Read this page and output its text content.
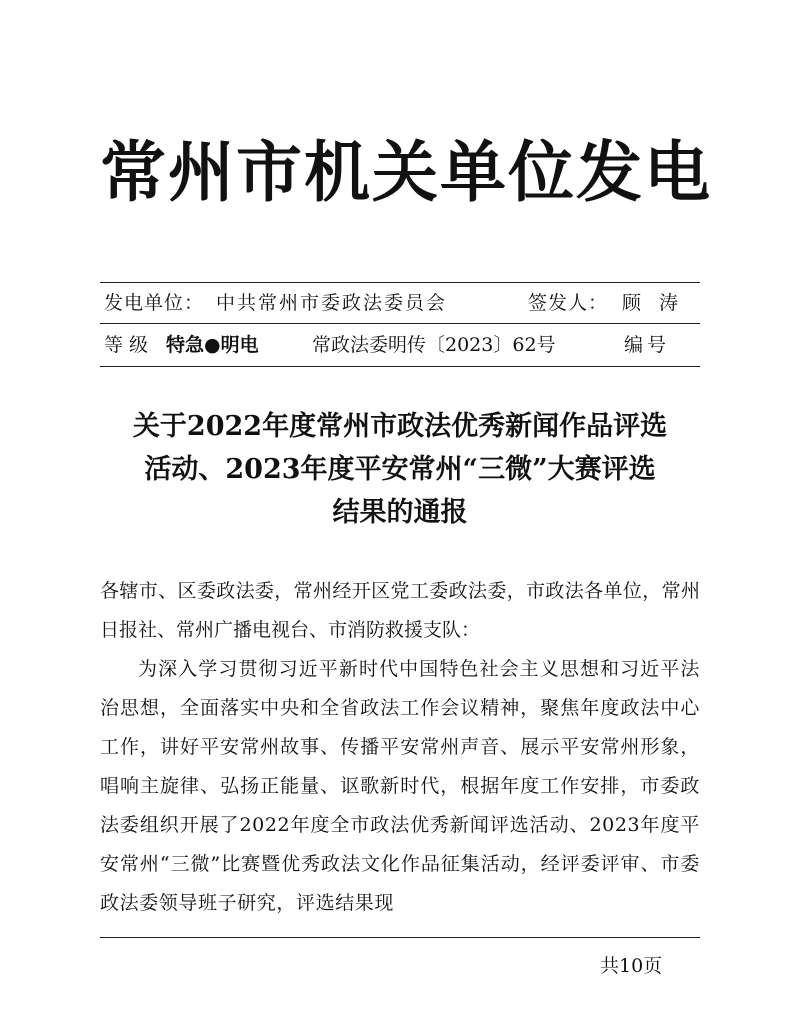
常州市机关单位发电
发电单位： 中共常州市委政法委员会	签发人： 顾 涛
等级 特急●明电	常政法委明传〔2023〕62号	编号
关于2022年度常州市政法优秀新闻作品评选
活动、2023年度平安常州“三微”大赛评选
结果的通报
各辖市、区委政法委，常州经开区党工委政法委，市政法各单位，常州日报社、常州广播电视台、市消防救援支队：
为深入学习贯彻习近平新时代中国特色社会主义思想和习近平法治思想，全面落实中央和全省政法工作会议精神，聚焦年度政法中心工作，讲好平安常州故事、传播平安常州声音、展示平安常州形象，唱响主旋律、弘扬正能量、讴歌新时代，根据年度工作安排，市委政法委组织开展了2022年度全市政法优秀新闻评选活动、2023年度平安常州“三微”比赛暨优秀政法文化作品征集活动，经评委评审、市委政法委领导班子研究，评选结果现
共10页
